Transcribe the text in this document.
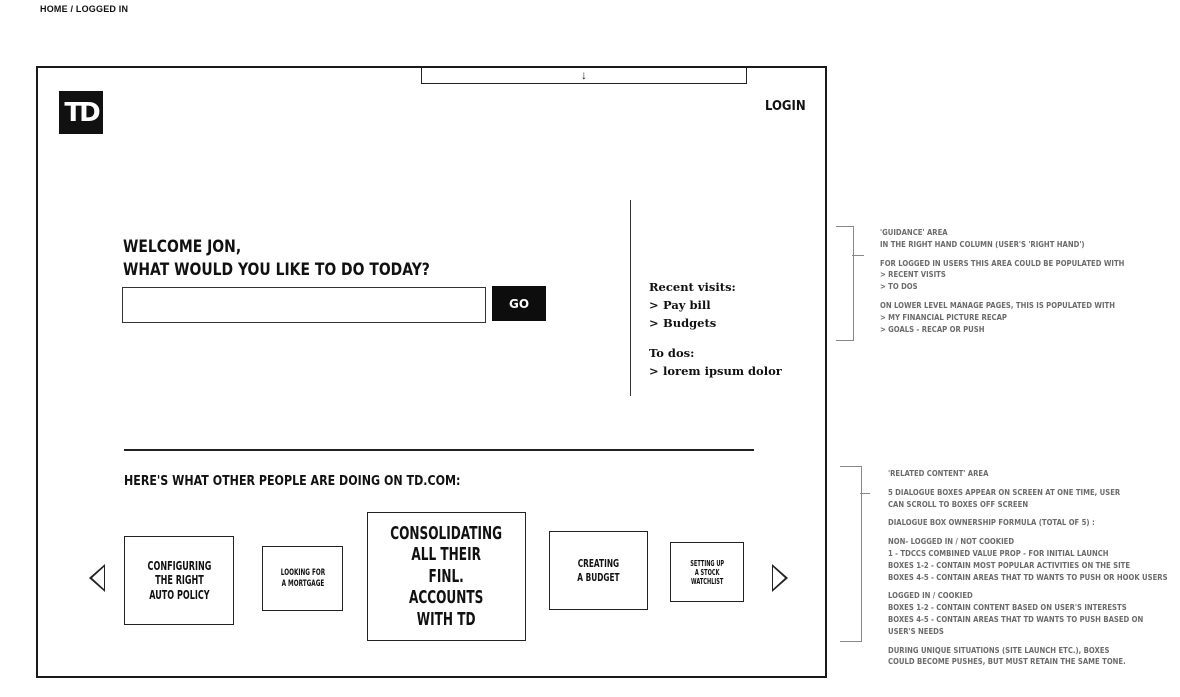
HOME / LOGGED IN
↓
TD	LOGIN
WELCOME JON,
WHAT WOULD YOU LIKE TO DO TODAY?
GO
Recent visits:
> Pay bill
> Budgets
To dos:
> lorem ipsum dolor
HERE'S WHAT OTHER PEOPLE ARE DOING ON TD.COM:
CONFIGURING
THE RIGHT
AUTO POLICY
LOOKING FOR
A MORTGAGE
CONSOLIDATING
ALL THEIR
FINL. ACCOUNTS
WITH TD
CREATING
A BUDGET
SETTING UP
A STOCK
WATCHLIST

'GUIDANCE' AREA
IN THE RIGHT HAND COLUMN (USER'S 'RIGHT HAND')

FOR LOGGED IN USERS THIS AREA COULD BE POPULATED WITH
> RECENT VISITS
> TO DOS

ON LOWER LEVEL MANAGE PAGES, THIS IS POPULATED WITH
> MY FINANCIAL PICTURE RECAP
> GOALS - RECAP OR PUSH

'RELATED CONTENT' AREA

5 DIALOGUE BOXES APPEAR ON SCREEN AT ONE TIME, USER
CAN SCROLL TO BOXES OFF SCREEN

DIALOGUE BOX OWNERSHIP FORMULA (TOTAL OF 5) :

NON- LOGGED IN / NOT COOKIED
1 - TDCCS COMBINED VALUE PROP - FOR INITIAL LAUNCH
BOXES 1-2 - CONTAIN MOST POPULAR ACTIVITIES ON THE SITE
BOXES 4-5 - CONTAIN AREAS THAT TD WANTS TO PUSH OR HOOK USERS

LOGGED IN / COOKIED
BOXES 1-2 - CONTAIN CONTENT BASED ON USER'S INTERESTS
BOXES 4-5 - CONTAIN AREAS THAT TD WANTS TO PUSH BASED ON
USER'S NEEDS

DURING UNIQUE SITUATIONS (SITE LAUNCH ETC.), BOXES
COULD BECOME PUSHES, BUT MUST RETAIN THE SAME TONE.
